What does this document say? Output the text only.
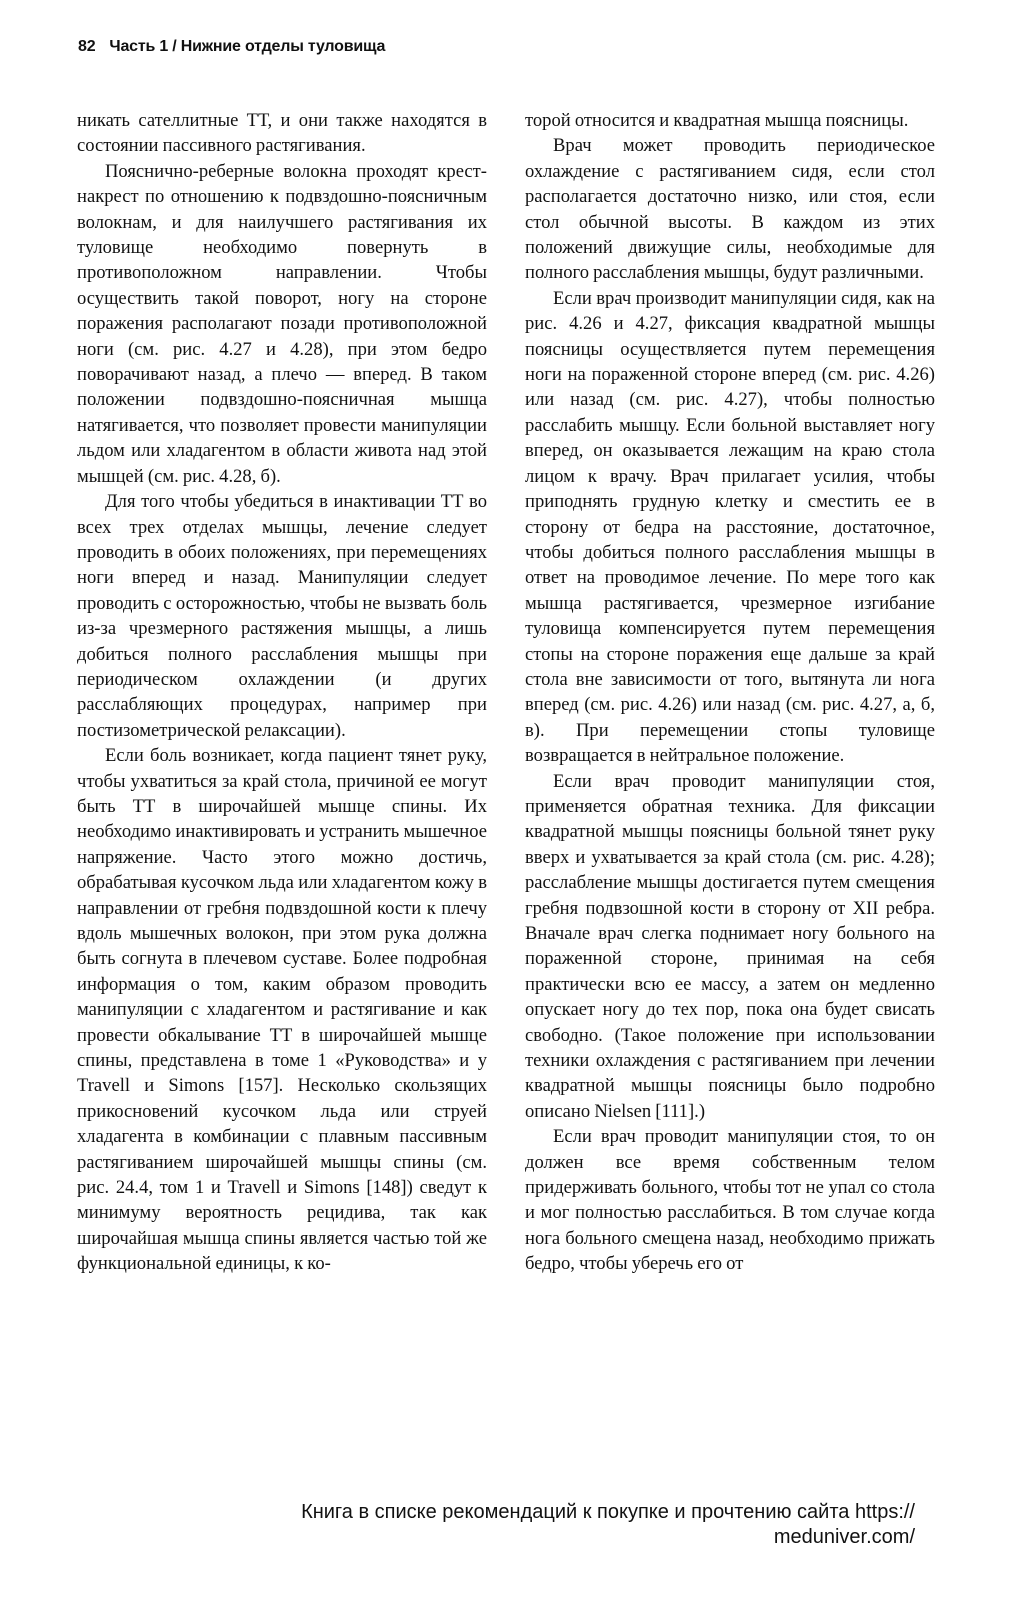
82 Часть 1 / Нижние отделы туловища

никать сателлитные ТТ, и они также находятся в состоянии пассивного растягивания.

Пояснично-реберные волокна проходят крест-накрест по отношению к подвздошно-поясничным волокнам, и для наилучшего растягивания их туловище необходимо повернуть в противоположном направлении. Чтобы осуществить такой поворот, ногу на стороне поражения располагают позади противоположной ноги (см. рис. 4.27 и 4.28), при этом бедро поворачивают назад, а плечо — вперед. В таком положении подвздошно-поясничная мышца натягивается, что позволяет провести манипуляции льдом или хладагентом в области живота над этой мышцей (см. рис. 4.28, б).

Для того чтобы убедиться в инактивации ТТ во всех трех отделах мышцы, лечение следует проводить в обоих положениях, при перемещениях ноги вперед и назад. Манипуляции следует проводить с осторожностью, чтобы не вызвать боль из-за чрезмерного растяжения мышцы, а лишь добиться полного расслабления мышцы при периодическом охлаждении (и других расслабляющих процедурах, например при постизометрической релаксации).

Если боль возникает, когда пациент тянет руку, чтобы ухватиться за край стола, причиной ее могут быть ТТ в широчайшей мышце спины. Их необходимо инактивировать и устранить мышечное напряжение. Часто этого можно достичь, обрабатывая кусочком льда или хладагентом кожу в направлении от гребня подвздошной кости к плечу вдоль мышечных волокон, при этом рука должна быть согнута в плечевом суставе. Более подробная информация о том, каким образом проводить манипуляции с хладагентом и растягивание и как провести обкалывание ТТ в широчайшей мышце спины, представлена в томе 1 «Руководства» и у Travell и Simons [157]. Несколько скользящих прикосновений кусочком льда или струей хладагента в комбинации с плавным пассивным растягиванием широчайшей мышцы спины (см. рис. 24.4, том 1 и Travell и Simons [148]) сведут к минимуму вероятность рецидива, так как широчайшая мышца спины является частью той же функциональной единицы, к ко-

торой относится и квадратная мышца поясницы.

Врач может проводить периодическое охлаждение с растягиванием сидя, если стол располагается достаточно низко, или стоя, если стол обычной высоты. В каждом из этих положений движущие силы, необходимые для полного расслабления мышцы, будут различными.

Если врач производит манипуляции сидя, как на рис. 4.26 и 4.27, фиксация квадратной мышцы поясницы осуществляется путем перемещения ноги на пораженной стороне вперед (см. рис. 4.26) или назад (см. рис. 4.27), чтобы полностью расслабить мышцу. Если больной выставляет ногу вперед, он оказывается лежащим на краю стола лицом к врачу. Врач прилагает усилия, чтобы приподнять грудную клетку и сместить ее в сторону от бедра на расстояние, достаточное, чтобы добиться полного расслабления мышцы в ответ на проводимое лечение. По мере того как мышца растягивается, чрезмерное изгибание туловища компенсируется путем перемещения стопы на стороне поражения еще дальше за край стола вне зависимости от того, вытянута ли нога вперед (см. рис. 4.26) или назад (см. рис. 4.27, а, б, в). При перемещении стопы туловище возвращается в нейтральное положение.

Если врач проводит манипуляции стоя, применяется обратная техника. Для фиксации квадратной мышцы поясницы больной тянет руку вверх и ухватывается за край стола (см. рис. 4.28); расслабление мышцы достигается путем смещения гребня подвзошной кости в сторону от XII ребра. Вначале врач слегка поднимает ногу больного на пораженной стороне, принимая на себя практически всю ее массу, а затем он медленно опускает ногу до тех пор, пока она будет свисать свободно. (Такое положение при использовании техники охлаждения с растягиванием при лечении квадратной мышцы поясницы было подробно описано Nielsen [111].)

Если врач проводит манипуляции стоя, то он должен все время собственным телом придерживать больного, чтобы тот не упал со стола и мог полностью расслабиться. В том случае когда нога больного смещена назад, необходимо прижать бедро, чтобы уберечь его от

Книга в списке рекомендаций к покупке и прочтению сайта https://
meduniver.com/
